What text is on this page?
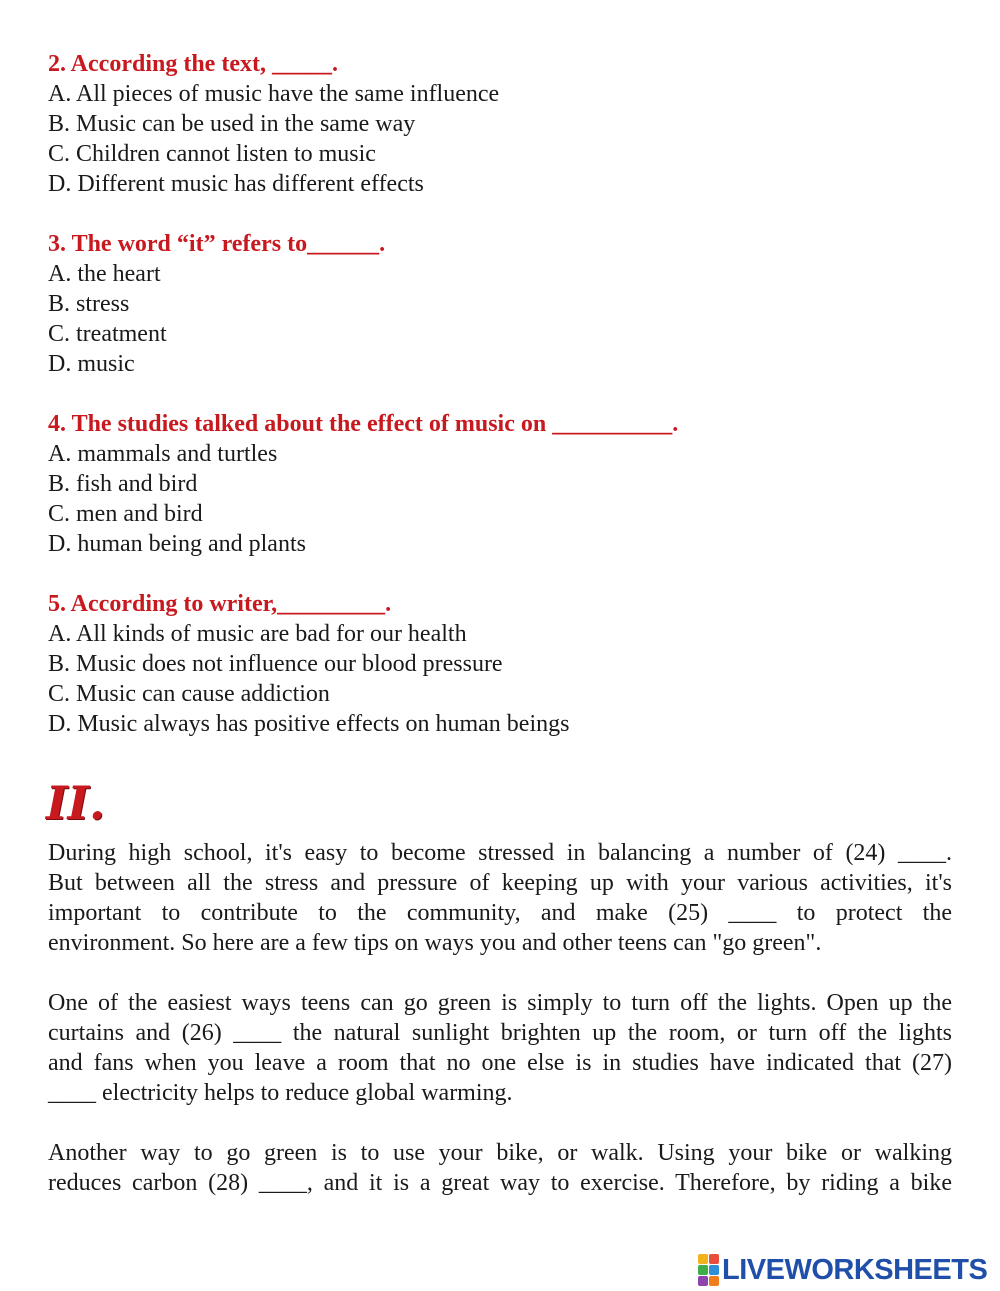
2. According the text, _____.
A. All pieces of music have the same influence
B. Music can be used in the same way
C. Children cannot listen to music
D. Different music has different effects
3. The word “it” refers to______.
A. the heart
B. stress
C. treatment
D. music
4. The studies talked about the effect of music on __________.
A. mammals and turtles
B. fish and bird
C. men and bird
D. human being and plants
5. According to writer,_________.
A. All kinds of music are bad for our health
B. Music does not influence our blood pressure
C. Music can cause addiction
D. Music always has positive effects on human beings
II.
During high school, it's easy to become stressed in balancing a number of (24) ____.
But between all the stress and pressure of keeping up with your various activities, it's
important to contribute to the community, and make (25) ____ to protect the
environment. So here are a few tips on ways you and other teens can "go green".
One of the easiest ways teens can go green is simply to turn off the lights. Open up the
curtains and (26) ____ the natural sunlight brighten up the room, or turn off the lights
and fans when you leave a room that no one else is in studies have indicated that (27)
____ electricity helps to reduce global warming.
Another way to go green is to use your bike, or walk. Using your bike or walking
reduces carbon (28) ____, and it is a great way to exercise. Therefore, by riding a bike
LIVEWORKSHEETS
